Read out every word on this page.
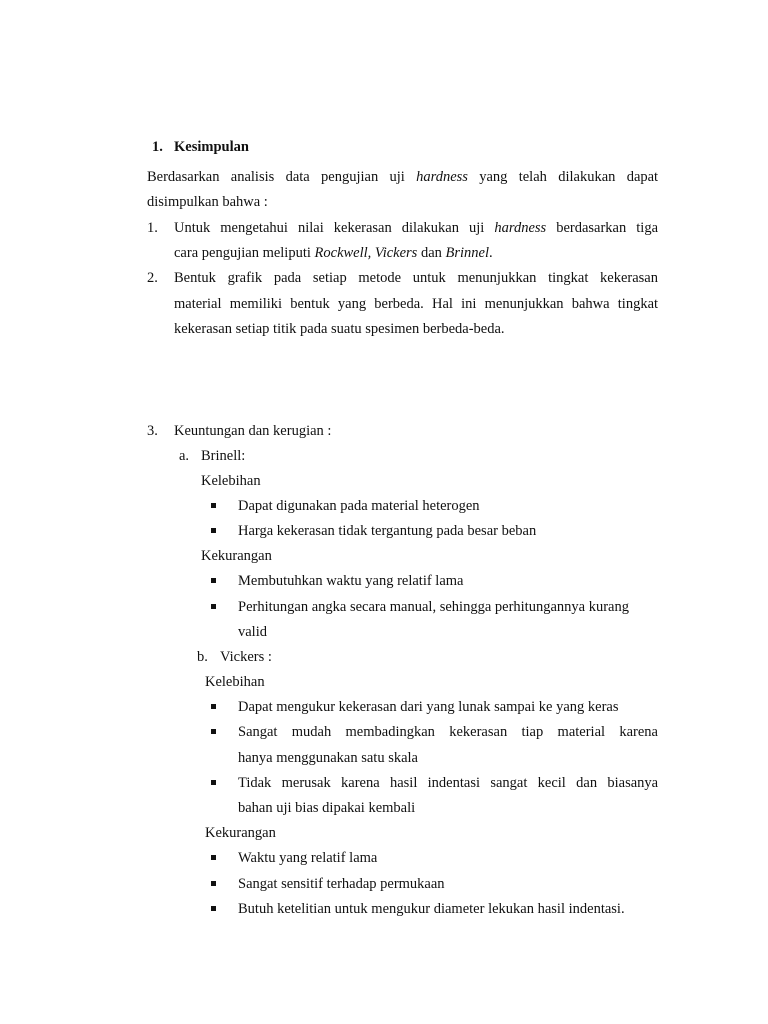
1. Kesimpulan
Berdasarkan analisis data pengujian uji hardness yang telah dilakukan dapat
disimpulkan bahwa :
1. Untuk mengetahui nilai kekerasan dilakukan uji hardness berdasarkan tiga
cara pengujian meliputi Rockwell, Vickers dan Brinnel.
2. Bentuk grafik pada setiap metode untuk menunjukkan tingkat kekerasan
material memiliki bentuk yang berbeda. Hal ini menunjukkan bahwa tingkat
kekerasan setiap titik pada suatu spesimen berbeda-beda.
3. Keuntungan dan kerugian :
a. Brinell:
Kelebihan
Dapat digunakan pada material heterogen
Harga kekerasan tidak tergantung pada besar beban
Kekurangan
Membutuhkan waktu yang relatif lama
Perhitungan angka secara manual, sehingga perhitungannya kurang
valid
b. Vickers :
Kelebihan
Dapat mengukur kekerasan dari yang lunak sampai ke yang keras
Sangat mudah membadingkan kekerasan tiap material karena
hanya menggunakan satu skala
Tidak merusak karena hasil indentasi sangat kecil dan biasanya
bahan uji bias dipakai kembali
Kekurangan
Waktu yang relatif lama
Sangat sensitif terhadap permukaan
Butuh ketelitian untuk mengukur diameter lekukan hasil indentasi.
